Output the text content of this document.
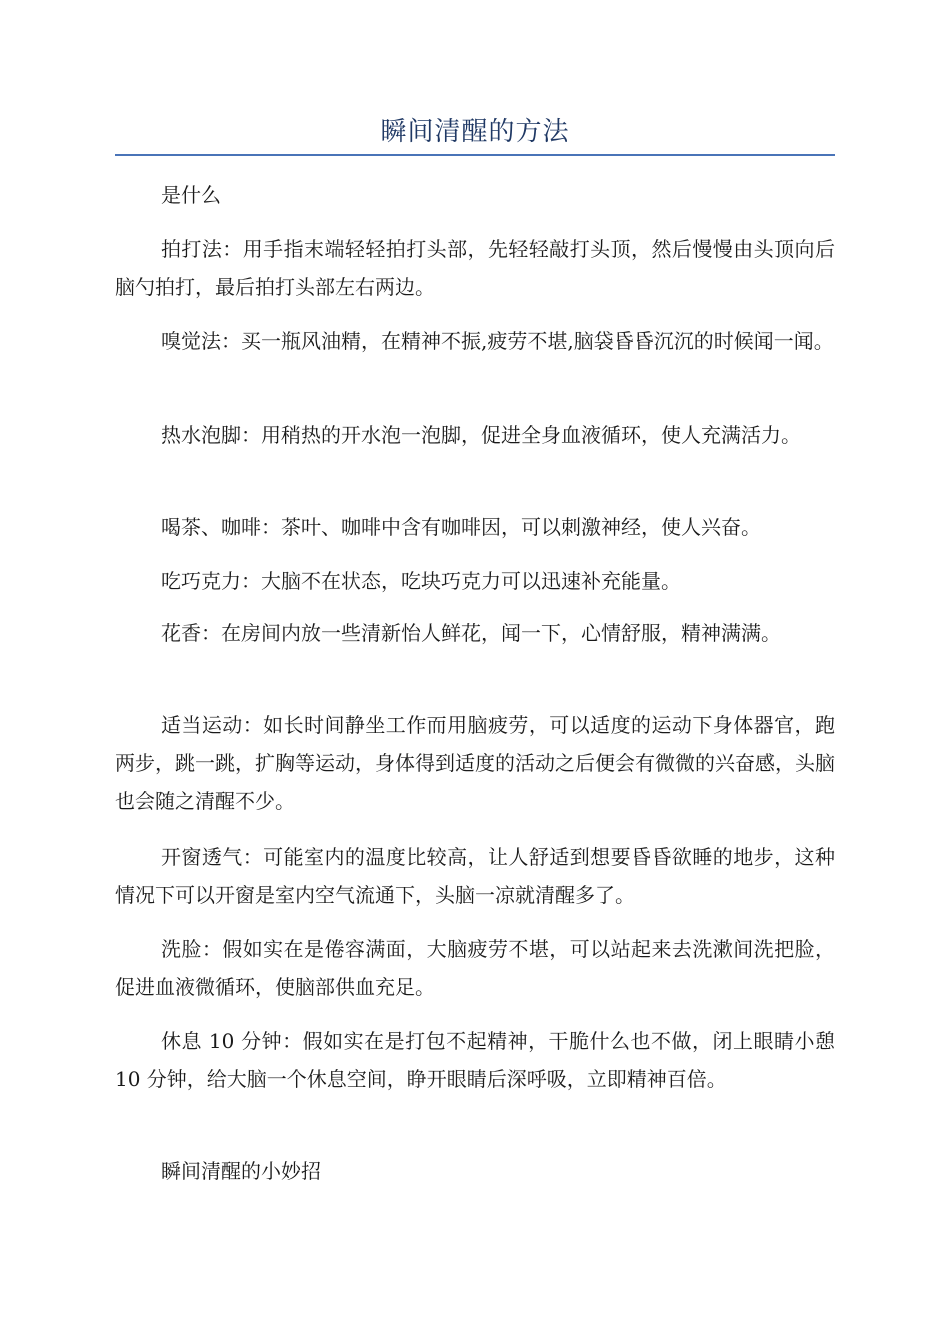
瞬间清醒的方法

是什么

拍打法：用手指末端轻轻拍打头部，先轻轻敲打头顶，然后慢慢由头顶向后脑勺拍打，最后拍打头部左右两边。

嗅觉法：买一瓶风油精，在精神不振,疲劳不堪,脑袋昏昏沉沉的时候闻一闻。

热水泡脚：用稍热的开水泡一泡脚，促进全身血液循环，使人充满活力。

喝茶、咖啡：茶叶、咖啡中含有咖啡因，可以刺激神经，使人兴奋。

吃巧克力：大脑不在状态，吃块巧克力可以迅速补充能量。

花香：在房间内放一些清新怡人鲜花，闻一下，心情舒服，精神满满。

适当运动：如长时间静坐工作而用脑疲劳，可以适度的运动下身体器官，跑两步，跳一跳，扩胸等运动，身体得到适度的活动之后便会有微微的兴奋感，头脑也会随之清醒不少。

开窗透气：可能室内的温度比较高，让人舒适到想要昏昏欲睡的地步，这种情况下可以开窗是室内空气流通下，头脑一凉就清醒多了。

洗脸：假如实在是倦容满面，大脑疲劳不堪，可以站起来去洗漱间洗把脸，促进血液微循环，使脑部供血充足。

休息 10 分钟：假如实在是打包不起精神，干脆什么也不做，闭上眼睛小憩 10 分钟，给大脑一个休息空间，睁开眼睛后深呼吸，立即精神百倍。

瞬间清醒的小妙招
